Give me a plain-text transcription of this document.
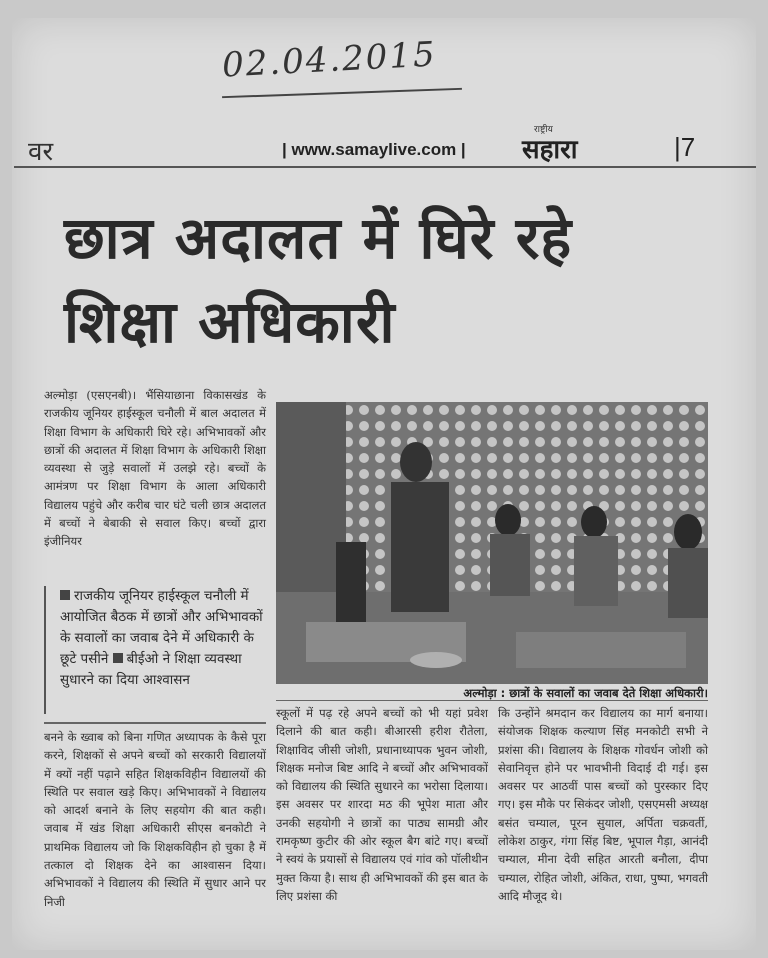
02.04.2015
वर	| www.samaylive.com |
राष्ट्रीय
सहारा	|7
छात्र अदालत में घिरे रहे शिक्षा अधिकारी
अल्मोड़ा (एसएनबी)। भैंसियाछाना विकासखंड के राजकीय जूनियर हाईस्कूल चनौली में बाल अदालत में शिक्षा विभाग के अधिकारी घिरे रहे। अभिभावकों और छात्रों की अदालत में शिक्षा विभाग के अधिकारी शिक्षा व्यवस्था से जुड़े सवालों में उलझे रहे। बच्चों के आमंत्रण पर शिक्षा विभाग के आला अधिकारी विद्यालय पहुंचे और करीब चार घंटे चली छात्र अदालत में बच्चों ने बेबाकी से सवाल किए। बच्चों द्वारा इंजीनियर
राजकीय जूनियर हाईस्कूल चनौली में आयोजित बैठक में छात्रों और अभिभावकों के सवालों का जवाब देने में अधिकारी के छूटे पसीने बीईओ ने शिक्षा व्यवस्था सुधारने का दिया आश्वासन
बनने के ख्वाब को बिना गणित अध्यापक के कैसे पूरा करने, शिक्षकों से अपने बच्चों को सरकारी विद्यालयों में क्यों नहीं पढ़ाने सहित शिक्षकविहीन विद्यालयों की स्थिति पर सवाल खड़े किए। अभिभावकों ने विद्यालय को आदर्श बनाने के लिए सहयोग की बात कही। जवाब में खंड शिक्षा अधिकारी सीएस बनकोटी ने प्राथमिक विद्यालय जो कि शिक्षकविहीन हो चुका है में तत्काल दो शिक्षक देने का आश्वासन दिया। अभिभावकों ने विद्यालय की स्थिति में सुधार आने पर निजी
अल्मोड़ा : छात्रों के सवालों का जवाब देते शिक्षा अधिकारी।
स्कूलों में पढ़ रहे अपने बच्चों को भी यहां प्रवेश दिलाने की बात कही। बीआरसी हरीश रौतेला, शिक्षाविद जीसी जोशी, प्रधानाध्यापक भुवन जोशी, शिक्षक मनोज बिष्ट आदि ने बच्चों और अभिभावकों को विद्यालय की स्थिति सुधारने का भरोसा दिलाया। इस अवसर पर शारदा मठ की भूपेश माता और उनकी सहयोगी ने छात्रों का पाठ्य सामग्री और रामकृष्ण कुटीर की ओर स्कूल बैग बांटे गए। बच्चों ने स्वयं के प्रयासों से विद्यालय एवं गांव को पॉलीथीन मुक्त किया है। साथ ही अभिभावकों की इस बात के लिए प्रशंसा की
कि उन्होंने श्रमदान कर विद्यालय का मार्ग बनाया। संयोजक शिक्षक कल्याण सिंह मनकोटी सभी ने प्रशंसा की। विद्यालय के शिक्षक गोवर्धन जोशी को सेवानिवृत्त होने पर भावभीनी विदाई दी गई। इस अवसर पर आठवीं पास बच्चों को पुरस्कार दिए गए। इस मौके पर सिकंदर जोशी, एसएमसी अध्यक्ष बसंत चम्याल, पूरन सुयाल, अर्पिता चक्रवर्ती, लोकेश ठाकुर, गंगा सिंह बिष्ट, भूपाल गैड़ा, आनंदी चम्याल, मीना देवी सहित आरती बनौला, दीपा चम्याल, रोहित जोशी, अंकित, राधा, पुष्पा, भगवती आदि मौजूद थे।
